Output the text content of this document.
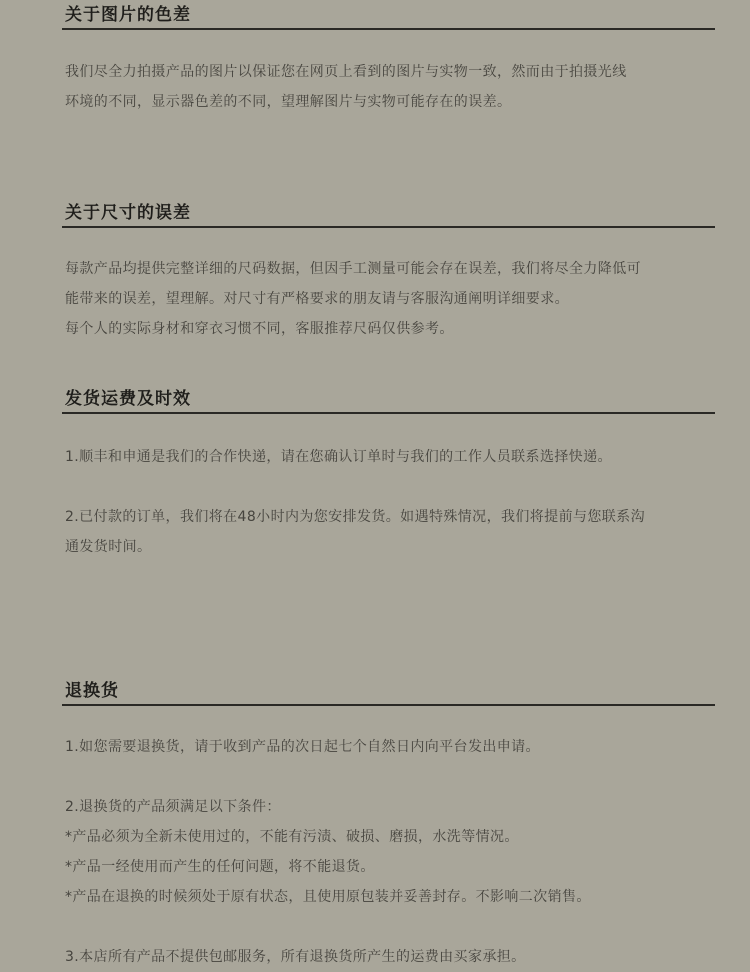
关于图片的色差
我们尽全力拍摄产品的图片以保证您在网页上看到的图片与实物一致，然而由于拍摄光线
环境的不同，显示器色差的不同，望理解图片与实物可能存在的误差。
关于尺寸的误差
每款产品均提供完整详细的尺码数据，但因手工测量可能会存在误差，我们将尽全力降低可
能带来的误差，望理解。对尺寸有严格要求的朋友请与客服沟通阐明详细要求。
每个人的实际身材和穿衣习惯不同，客服推荐尺码仅供参考。
发货运费及时效
1.顺丰和申通是我们的合作快递，请在您确认订单时与我们的工作人员联系选择快递。
2.已付款的订单，我们将在48小时内为您安排发货。如遇特殊情况，我们将提前与您联系沟
通发货时间。
退换货
1.如您需要退换货，请于收到产品的次日起七个自然日内向平台发出申请。
2.退换货的产品须满足以下条件：
*产品必须为全新未使用过的，不能有污渍、破损、磨损，水洗等情况。
*产品一经使用而产生的任何问题，将不能退货。
*产品在退换的时候须处于原有状态，且使用原包装并妥善封存。不影响二次销售。
3.本店所有产品不提供包邮服务，所有退换货所产生的运费由买家承担。
